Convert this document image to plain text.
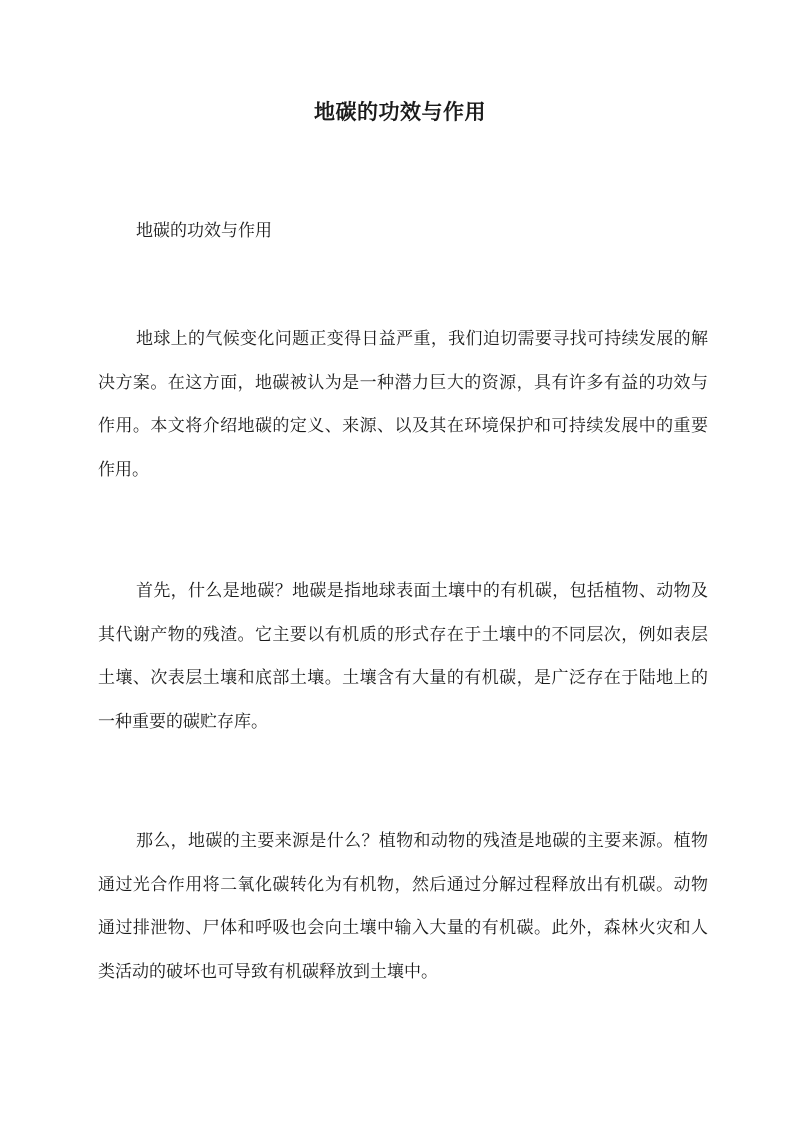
地碳的功效与作用

地碳的功效与作用

地球上的气候变化问题正变得日益严重，我们迫切需要寻找可持续发展的解决方案。在这方面，地碳被认为是一种潜力巨大的资源，具有许多有益的功效与作用。本文将介绍地碳的定义、来源、以及其在环境保护和可持续发展中的重要作用。

首先，什么是地碳？地碳是指地球表面土壤中的有机碳，包括植物、动物及其代谢产物的残渣。它主要以有机质的形式存在于土壤中的不同层次，例如表层土壤、次表层土壤和底部土壤。土壤含有大量的有机碳，是广泛存在于陆地上的一种重要的碳贮存库。

那么，地碳的主要来源是什么？植物和动物的残渣是地碳的主要来源。植物通过光合作用将二氧化碳转化为有机物，然后通过分解过程释放出有机碳。动物通过排泄物、尸体和呼吸也会向土壤中输入大量的有机碳。此外，森林火灾和人类活动的破坏也可导致有机碳释放到土壤中。
